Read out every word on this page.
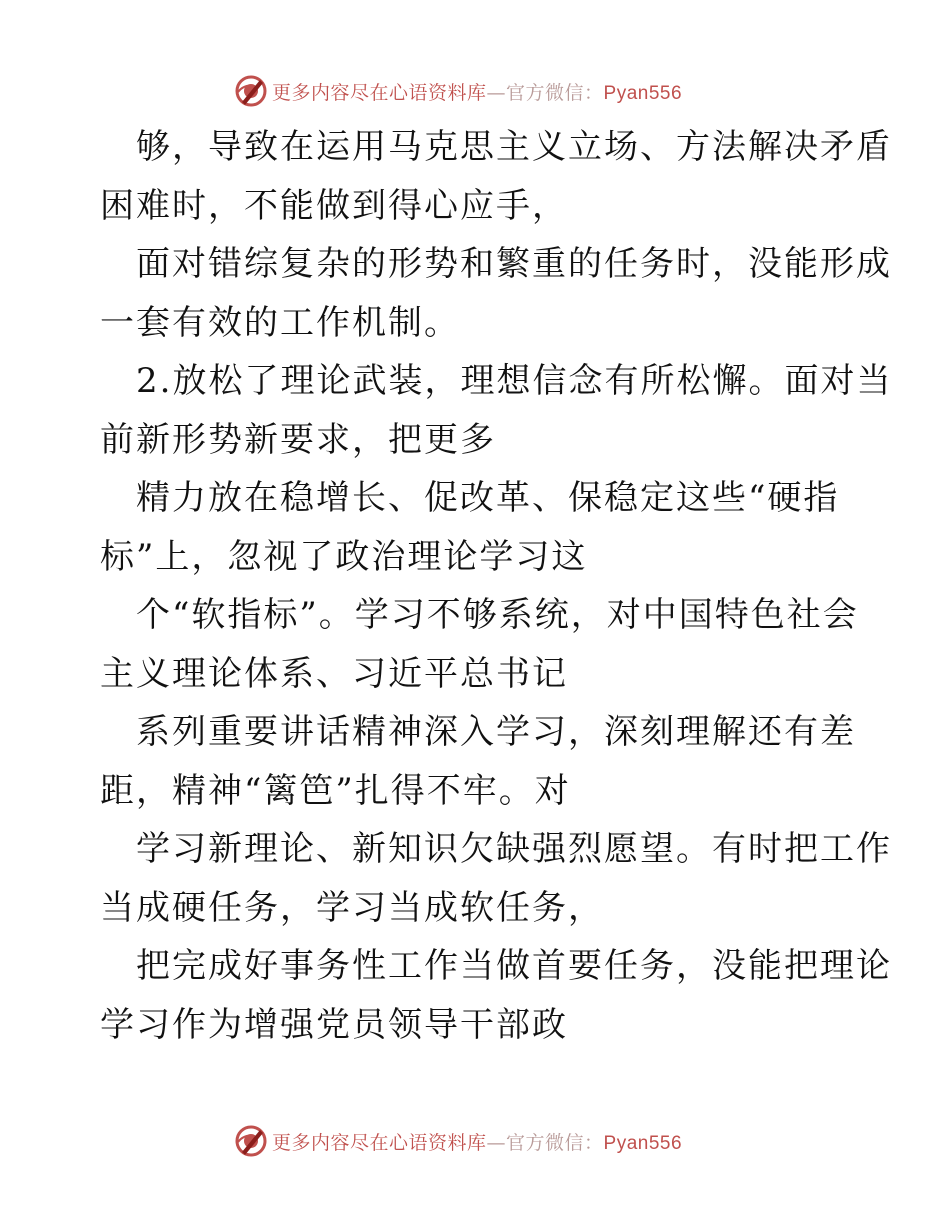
更多内容尽在心语资料库—官方微信：Pyan556
够，导致在运用马克思主义立场、方法解决矛盾
困难时，不能做到得心应手，
面对错综复杂的形势和繁重的任务时，没能形成
一套有效的工作机制。
2.放松了理论武装，理想信念有所松懈。面对当
前新形势新要求，把更多
精力放在稳增长、促改革、保稳定这些“硬指
标”上，忽视了政治理论学习这
个“软指标”。学习不够系统，对中国特色社会
主义理论体系、习近平总书记
系列重要讲话精神深入学习，深刻理解还有差
距，精神“篱笆”扎得不牢。对
学习新理论、新知识欠缺强烈愿望。有时把工作
当成硬任务，学习当成软任务，
把完成好事务性工作当做首要任务，没能把理论
学习作为增强党员领导干部政
更多内容尽在心语资料库—官方微信：Pyan556
